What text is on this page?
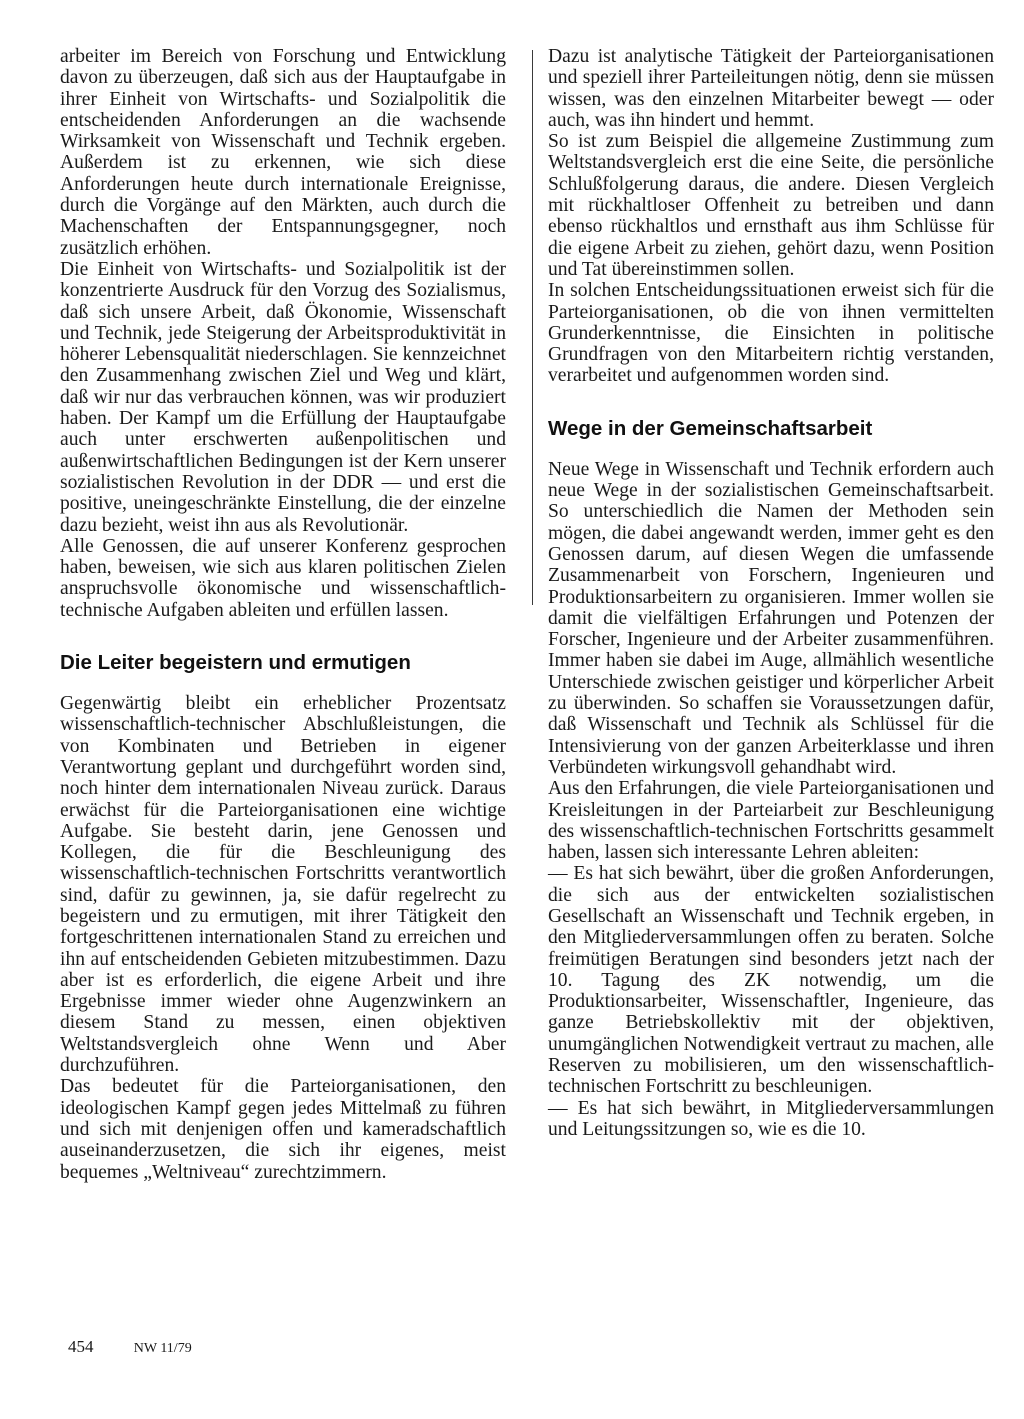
arbeiter im Bereich von Forschung und Entwicklung davon zu überzeugen, daß sich aus der Hauptaufgabe in ihrer Einheit von Wirtschafts- und Sozialpolitik die entscheidenden Anforderungen an die wachsende Wirksamkeit von Wissenschaft und Technik ergeben. Außerdem ist zu erkennen, wie sich diese Anforderungen heute durch internationale Ereignisse, durch die Vorgänge auf den Märkten, auch durch die Machenschaften der Entspannungsgegner, noch zusätzlich erhöhen.

Die Einheit von Wirtschafts- und Sozialpolitik ist der konzentrierte Ausdruck für den Vorzug des Sozialismus, daß sich unsere Arbeit, daß Ökonomie, Wissenschaft und Technik, jede Steigerung der Arbeitsproduktivität in höherer Lebensqualität niederschlagen. Sie kennzeichnet den Zusammenhang zwischen Ziel und Weg und klärt, daß wir nur das verbrauchen können, was wir produziert haben. Der Kampf um die Erfüllung der Hauptaufgabe auch unter erschwerten außenpolitischen und außenwirtschaftlichen Bedingungen ist der Kern unserer sozialistischen Revolution in der DDR — und erst die positive, uneingeschränkte Einstellung, die der einzelne dazu bezieht, weist ihn aus als Revolutionär.

Alle Genossen, die auf unserer Konferenz gesprochen haben, beweisen, wie sich aus klaren politischen Zielen anspruchsvolle ökonomische und wissenschaftlich-technische Aufgaben ableiten und erfüllen lassen.

Die Leiter begeistern und ermutigen

Gegenwärtig bleibt ein erheblicher Prozentsatz wissenschaftlich-technischer Abschlußleistungen, die von Kombinaten und Betrieben in eigener Verantwortung geplant und durchgeführt worden sind, noch hinter dem internationalen Niveau zurück. Daraus erwächst für die Parteiorganisationen eine wichtige Aufgabe. Sie besteht darin, jene Genossen und Kollegen, die für die Beschleunigung des wissenschaftlich-technischen Fortschritts verantwortlich sind, dafür zu gewinnen, ja, sie dafür regelrecht zu begeistern und zu ermutigen, mit ihrer Tätigkeit den fortgeschrittenen internationalen Stand zu erreichen und ihn auf entscheidenden Gebieten mitzubestimmen. Dazu aber ist es erforderlich, die eigene Arbeit und ihre Ergebnisse immer wieder ohne Augenzwinkern an diesem Stand zu messen, einen objektiven Weltstandsvergleich ohne Wenn und Aber durchzuführen.

Das bedeutet für die Parteiorganisationen, den ideologischen Kampf gegen jedes Mittelmaß zu führen und sich mit denjenigen offen und kameradschaftlich auseinanderzusetzen, die sich ihr eigenes, meist bequemes „Weltniveau“ zurechtzimmern.

Dazu ist analytische Tätigkeit der Parteiorganisationen und speziell ihrer Parteileitungen nötig, denn sie müssen wissen, was den einzelnen Mitarbeiter bewegt — oder auch, was ihn hindert und hemmt.

So ist zum Beispiel die allgemeine Zustimmung zum Weltstandsvergleich erst die eine Seite, die persönliche Schlußfolgerung daraus, die andere. Diesen Vergleich mit rückhaltloser Offenheit zu betreiben und dann ebenso rückhaltlos und ernsthaft aus ihm Schlüsse für die eigene Arbeit zu ziehen, gehört dazu, wenn Position und Tat übereinstimmen sollen.

In solchen Entscheidungssituationen erweist sich für die Parteiorganisationen, ob die von ihnen vermittelten Grunderkenntnisse, die Einsichten in politische Grundfragen von den Mitarbeitern richtig verstanden, verarbeitet und aufgenommen worden sind.

Wege in der Gemeinschaftsarbeit

Neue Wege in Wissenschaft und Technik erfordern auch neue Wege in der sozialistischen Gemeinschaftsarbeit. So unterschiedlich die Namen der Methoden sein mögen, die dabei angewandt werden, immer geht es den Genossen darum, auf diesen Wegen die umfassende Zusammenarbeit von Forschern, Ingenieuren und Produktionsarbeitern zu organisieren. Immer wollen sie damit die vielfältigen Erfahrungen und Potenzen der Forscher, Ingenieure und der Arbeiter zusammenführen. Immer haben sie dabei im Auge, allmählich wesentliche Unterschiede zwischen geistiger und körperlicher Arbeit zu überwinden. So schaffen sie Voraussetzungen dafür, daß Wissenschaft und Technik als Schlüssel für die Intensivierung von der ganzen Arbeiterklasse und ihren Verbündeten wirkungsvoll gehandhabt wird.

Aus den Erfahrungen, die viele Parteiorganisationen und Kreisleitungen in der Parteiarbeit zur Beschleunigung des wissenschaftlich-technischen Fortschritts gesammelt haben, lassen sich interessante Lehren ableiten:

— Es hat sich bewährt, über die großen Anforderungen, die sich aus der entwickelten sozialistischen Gesellschaft an Wissenschaft und Technik ergeben, in den Mitgliederversammlungen offen zu beraten. Solche freimütigen Beratungen sind besonders jetzt nach der 10. Tagung des ZK notwendig, um die Produktionsarbeiter, Wissenschaftler, Ingenieure, das ganze Betriebskollektiv mit der objektiven, unumgänglichen Notwendigkeit vertraut zu machen, alle Reserven zu mobilisieren, um den wissenschaftlich-technischen Fortschritt zu beschleunigen.

— Es hat sich bewährt, in Mitgliederversammlungen und Leitungssitzungen so, wie es die 10.

454	NW 11/79
